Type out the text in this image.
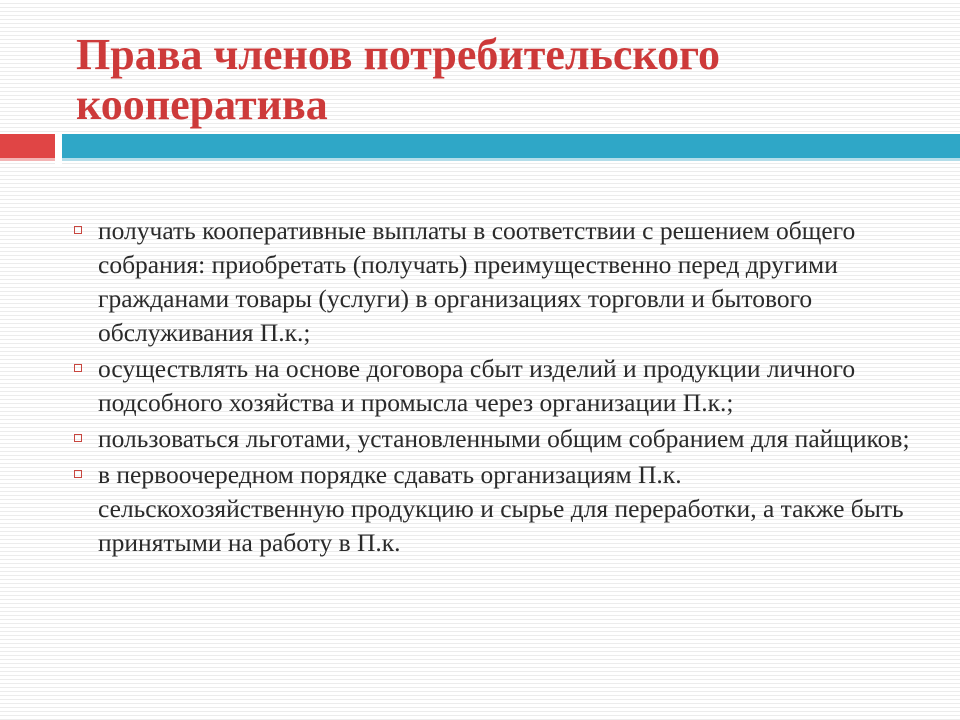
Права членов потребительского кооператива
получать кооперативные выплаты в соответствии с решением общего собрания: приобретать (получать) преимущественно перед другими гражданами товары (услуги) в организациях торговли и бытового обслуживания П.к.;
осуществлять на основе договора сбыт изделий и продукции личного подсобного хозяйства и промысла через организации П.к.;
пользоваться льготами, установленными общим собранием для пайщиков;
в первоочередном порядке сдавать организациям П.к. сельскохозяйственную продукцию и сырье для переработки, а также быть принятыми на работу в П.к.
